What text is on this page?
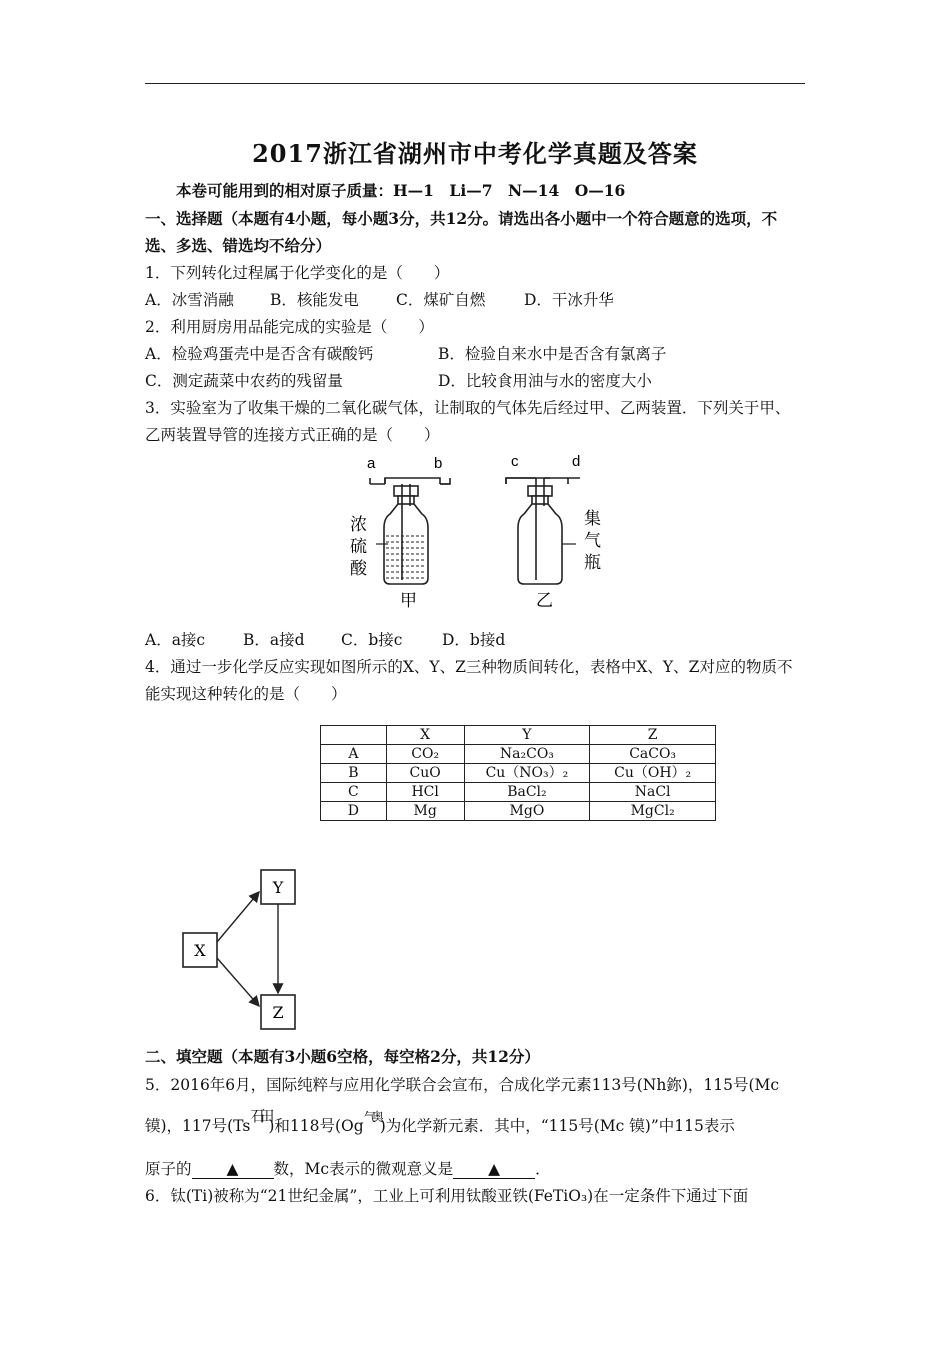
2017浙江省湖州市中考化学真题及答案
本卷可能用到的相对原子质量：H—1　Li—7　N—14　O—16
一、选择题（本题有4小题，每小题3分，共12分。请选出各小题中一个符合题意的选项，不
选、多选、错选均不给分）
1．下列转化过程属于化学变化的是（　　）
A．冰雪消融 B．核能发电 C．煤矿自燃 D．干冰升华
2．利用厨房用品能完成的实验是（　　）
A．检验鸡蛋壳中是否含有碳酸钙	B．检验自来水中是否含有氯离子
C．测定蔬菜中农药的残留量	D．比较食用油与水的密度大小
3．实验室为了收集干燥的二氧化碳气体，让制取的气体先后经过甲、乙两装置．下列关于甲、
乙两装置导管的连接方式正确的是（　　）
a	b
浓
硫
酸
甲
c	d
集
气
瓶
乙
A．a接c B．a接d C．b接c	D．b接d
4．通过一步化学反应实现如图所示的X、Y、Z三种物质间转化，表格中X、Y、Z对应的物质不
能实现这种转化的是（　　）
	X	Y	Z
A	CO₂	Na₂CO₃	CaCO₃
B	CuO	Cu（NO₃）₂	Cu（OH）₂
C	HCl	BaCl₂	NaCl
D	Mg	MgO	MgCl₂
X
Y
Z
二、填空题（本题有3小题6空格，每空格2分，共12分）
5．2016年6月，国际纯粹与应用化学联合会宣布，合成化学元素113号(Nh鉨)，115号(Mc
镆)，117号(Ts石田)和118号$(Og^{气奥})$为化学新元素．其中，“115号(Mc 镆)”中115表示
原子的 ▲ 数，Mc表示的微观意义是 ▲ ．
6．钛(Ti)被称为“21世纪金属”，工业上可利用钛酸亚铁(FeTiO₃)在一定条件下通过下面
